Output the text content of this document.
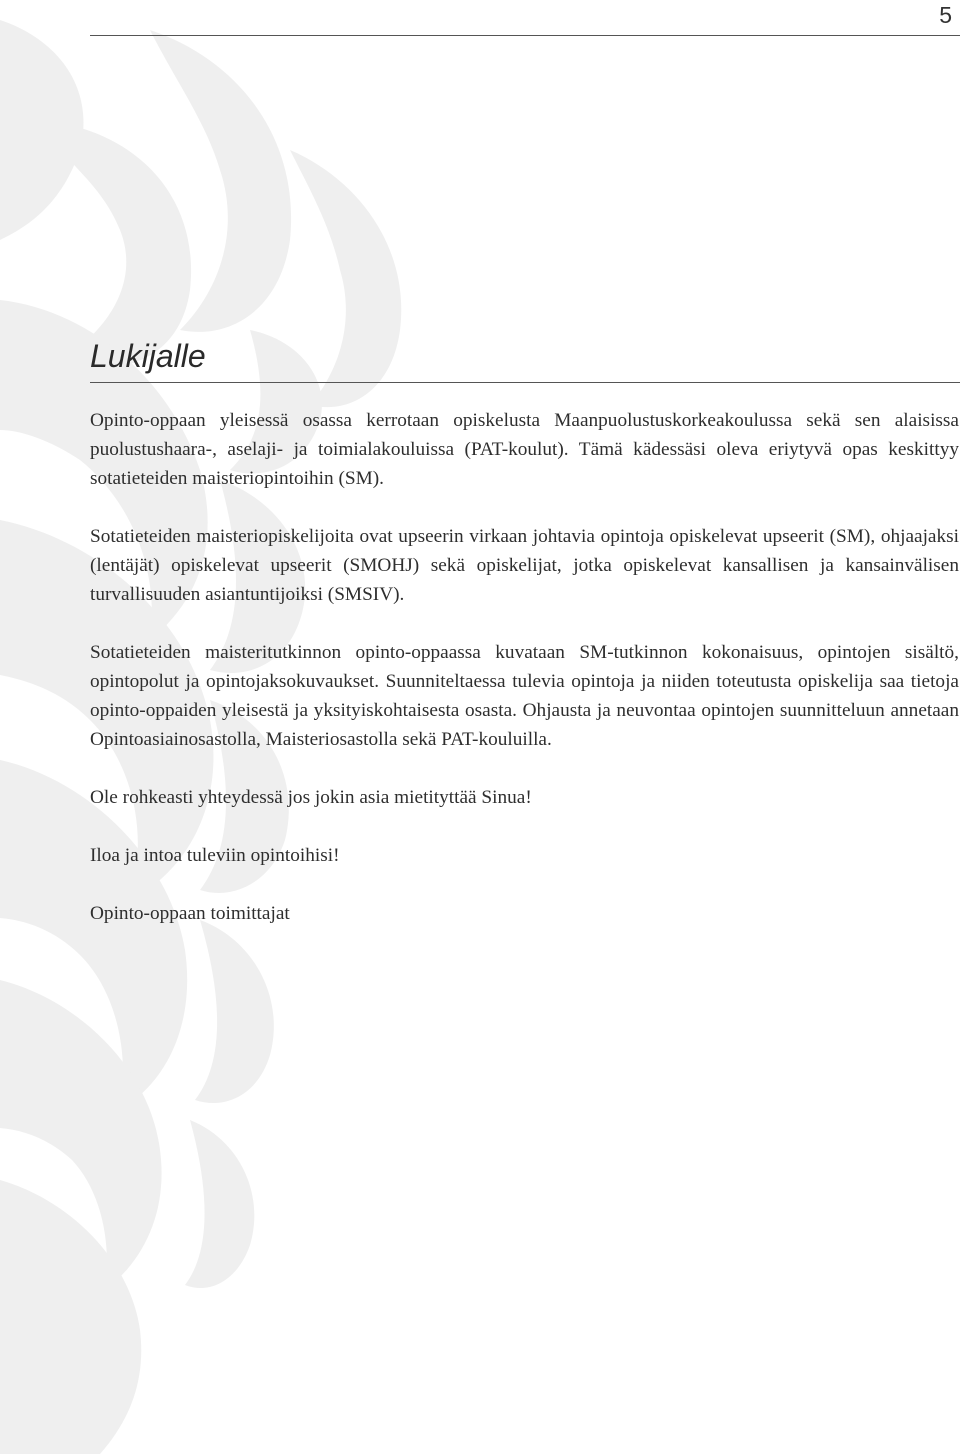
5
Lukijalle

Opinto-oppaan yleisessä osassa kerrotaan opiskelusta Maanpuolustuskorkeakoulussa sekä sen alaisissa puolustushaara-, aselaji- ja toimialakouluissa (PAT-koulut). Tämä kädessäsi oleva eriytyvä opas keskittyy sotatieteiden maisteriopintoihin (SM).

Sotatieteiden maisteriopiskelijoita ovat upseerin virkaan johtavia opintoja opiskelevat upseerit (SM), ohjaajaksi (lentäjät) opiskelevat upseerit (SMOHJ) sekä opiskelijat, jotka opiskelevat kansallisen ja kansainvälisen turvallisuuden asiantuntijoiksi (SMSIV).

Sotatieteiden maisteritutkinnon opinto-oppaassa kuvataan SM-tutkinnon kokonaisuus, opintojen sisältö, opintopolut ja opintojaksokuvaukset. Suunniteltaessa tulevia opintoja ja niiden toteutusta opiskelija saa tietoja opinto-oppaiden yleisestä ja yksityiskohtaisesta osasta. Ohjausta ja neuvontaa opintojen suunnitteluun annetaan Opintoasiainosastolla, Maisteriosastolla sekä PAT-kouluilla.

Ole rohkeasti yhteydessä jos jokin asia mietityttää Sinua!

Iloa ja intoa tuleviin opintoihisi!

Opinto-oppaan toimittajat
